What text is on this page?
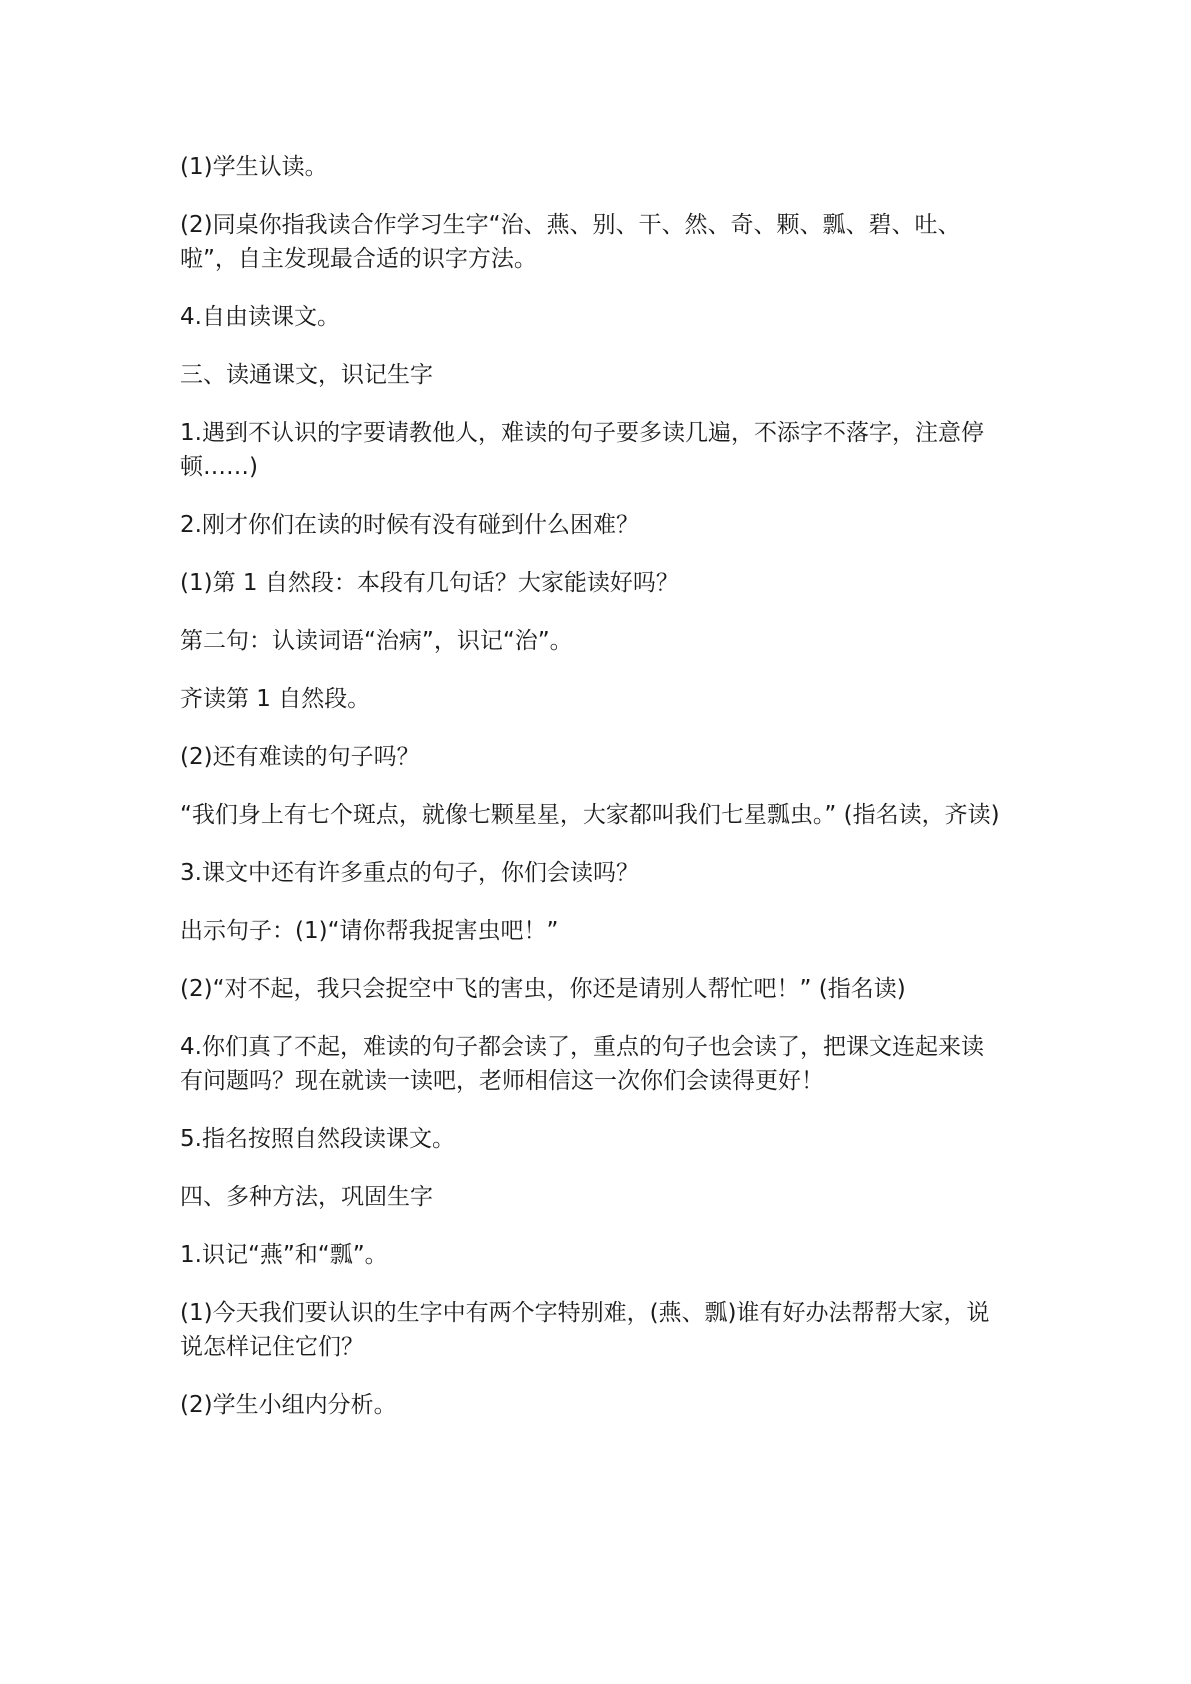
(1)学生认读。

(2)同桌你指我读合作学习生字“治、燕、别、干、然、奇、颗、瓢、碧、吐、啦”，自主发现最合适的识字方法。

4.自由读课文。

三、读通课文，识记生字

1.遇到不认识的字要请教他人，难读的句子要多读几遍，不添字不落字，注意停顿……)

2.刚才你们在读的时候有没有碰到什么困难？

(1)第 1 自然段：本段有几句话？大家能读好吗？

第二句：认读词语“治病”，识记“治”。

齐读第 1 自然段。

(2)还有难读的句子吗？

“我们身上有七个斑点，就像七颗星星，大家都叫我们七星瓢虫。” (指名读，齐读)

3.课文中还有许多重点的句子，你们会读吗？

出示句子：(1)“请你帮我捉害虫吧！”

(2)“对不起，我只会捉空中飞的害虫，你还是请别人帮忙吧！” (指名读)

4.你们真了不起，难读的句子都会读了，重点的句子也会读了，把课文连起来读有问题吗？现在就读一读吧，老师相信这一次你们会读得更好！

5.指名按照自然段读课文。

四、多种方法，巩固生字

1.识记“燕”和“瓢”。

(1)今天我们要认识的生字中有两个字特别难，(燕、瓢)谁有好办法帮帮大家，说说怎样记住它们？

(2)学生小组内分析。
